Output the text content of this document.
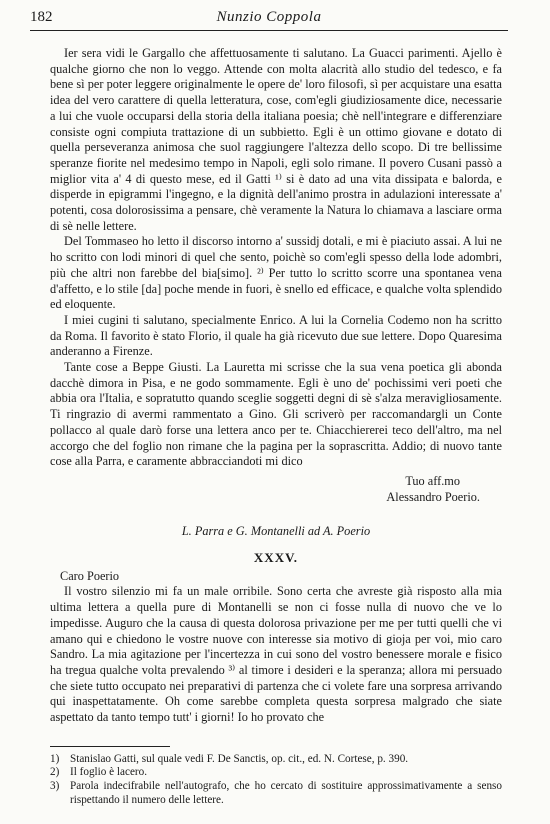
182	Nunzio Coppola

Ier sera vidi le Gargallo che affettuosamente ti salutano. La Guacci parimenti. Ajello è qualche giorno che non lo veggo. Attende con molta alacrità allo studio del tedesco, e fa bene sì per poter leggere originalmente le opere de' loro filosofi, sì per acquistare una esatta idea del vero carattere di quella letteratura, cose, com'egli giudiziosamente dice, necessarie a lui che vuole occuparsi della storia della italiana poesia; chè nell'integrare e differenziare consiste ogni compiuta trattazione di un subbietto. Egli è un ottimo giovane e dotato di quella perseveranza animosa che suol raggiungere l'altezza dello scopo. Di tre bellissime speranze fiorite nel medesimo tempo in Napoli, egli solo rimane. Il povero Cusani passò a miglior vita a' 4 di questo mese, ed il Gatti ¹⁾ si è dato ad una vita dissipata e balorda, e disperde in epigrammi l'ingegno, e la dignità dell'animo prostra in adulazioni interessate a' potenti, cosa dolorosissima a pensare, chè veramente la Natura lo chiamava a lasciare orma di sè nelle lettere.

Del Tommaseo ho letto il discorso intorno a' sussidj dotali, e mi è piaciuto assai. A lui ne ho scritto con lodi minori di quel che sento, poichè so com'egli spesso della lode adombri, più che altri non farebbe del bia[simo]. ²⁾ Per tutto lo scritto scorre una spontanea vena d'affetto, e lo stile [da] poche mende in fuori, è snello ed efficace, e qualche volta splendido ed eloquente.

I miei cugini ti salutano, specialmente Enrico. A lui la Cornelia Codemo non ha scritto da Roma. Il favorito è stato Florio, il quale ha già ricevuto due sue lettere. Dopo Quaresima anderanno a Firenze.

Tante cose a Beppe Giusti. La Lauretta mi scrisse che la sua vena poetica gli abonda dacchè dimora in Pisa, e ne godo sommamente. Egli è uno de' pochissimi veri poeti che abbia ora l'Italia, e sopratutto quando sceglie soggetti degni di sè s'alza meravigliosamente. Ti ringrazio di avermi rammentato a Gino. Gli scriverò per raccomandargli un Conte pollacco al quale darò forse una lettera anco per te. Chiacchiererei teco dell'altro, ma nel accorgo che del foglio non rimane che la pagina per la soprascritta. Addio; di nuovo tante cose alla Parra, e caramente abbracciandoti mi dico

Tuo aff.mo
Alessandro Poerio.
L. Parra e G. Montanelli ad A. Poerio
XXXV.
Caro Poerio

Il vostro silenzio mi fa un male orribile. Sono certa che avreste già risposto alla mia ultima lettera a quella pure di Montanelli se non ci fosse nulla di nuovo che ve lo impedisse. Auguro che la causa di questa dolorosa privazione per me per tutti quelli che vi amano qui e chiedono le vostre nuove con interesse sia motivo di gioja per voi, mio caro Sandro. La mia agitazione per l'incertezza in cui sono del vostro benessere morale e fisico ha tregua qualche volta prevalendo ³⁾ al timore i desideri e la speranza; allora mi persuado che siete tutto occupato nei preparativi di partenza che ci volete fare una sorpresa arrivando qui inaspettatamente. Oh come sarebbe completa questa sorpresa malgrado che siate aspettato da tanto tempo tutt' i giorni! Io ho provato che

1) Stanislao Gatti, sul quale vedi F. De Sanctis, op. cit., ed. N. Cortese, p. 390.

2) Il foglio è lacero.

3) Parola indecifrabile nell'autografo, che ho cercato di sostituire approssimativamente a senso rispettando il numero delle lettere.
